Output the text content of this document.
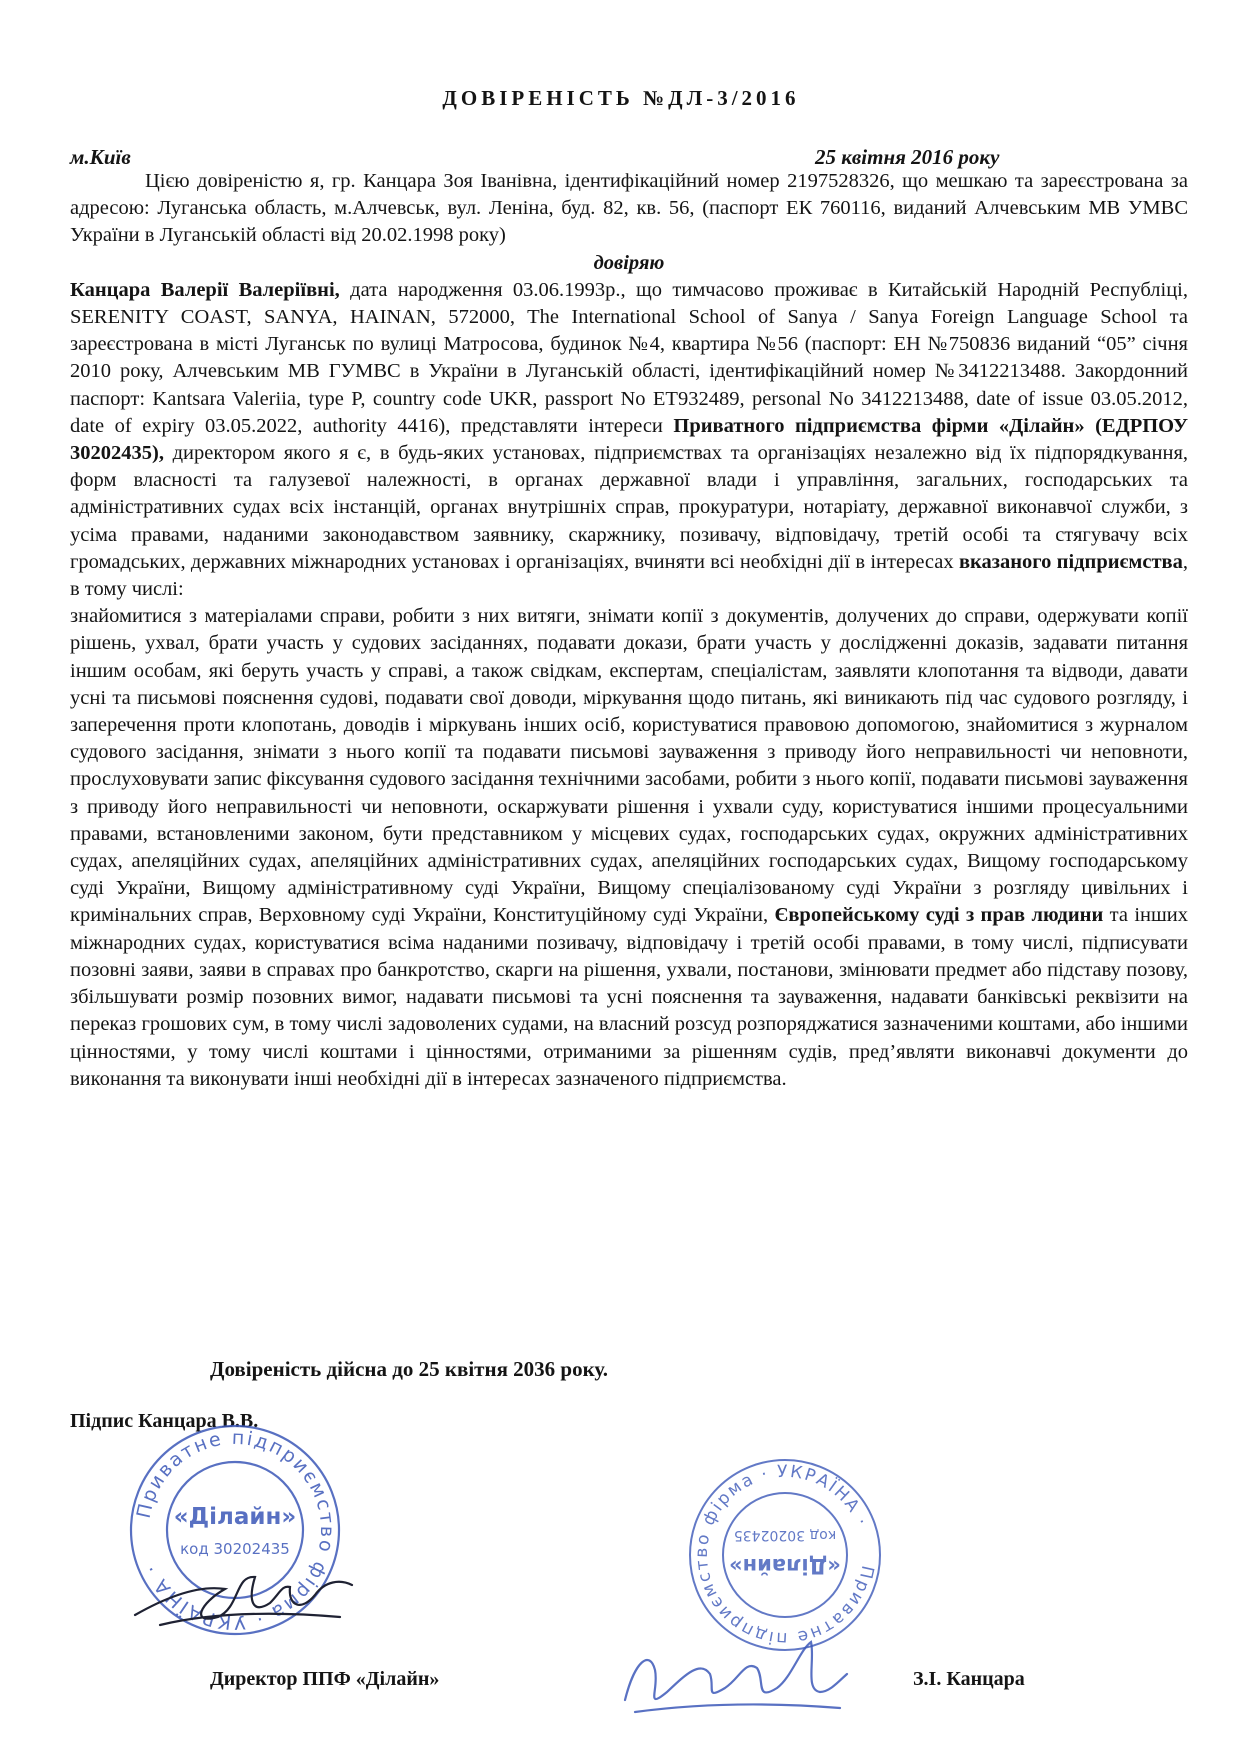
ДОВІРЕНІСТЬ №ДЛ-3/2016
м.Київ	25 квітня 2016 року

Цією довіреністю я, гр. Канцара Зоя Іванівна, ідентифікаційний номер 2197528326, що мешкаю та зареєстрована за адресою: Луганська область, м.Алчевськ, вул. Леніна, буд. 82, кв. 56, (паспорт ЕК 760116, виданий Алчевським МВ УМВС України в Луганській області від 20.02.1998 року)

довіряю

Канцара Валерії Валеріївні, дата народження 03.06.1993р., що тимчасово проживає в Китайській Народній Республіці, SERENITY COAST, SANYA, HAINAN, 572000, The International School of Sanya / Sanya Foreign Language School та зареєстрована в місті Луганськ по вулиці Матросова, будинок №4, квартира №56 (паспорт: ЕН №750836 виданий “05” січня 2010 року, Алчевським МВ ГУМВС в України в Луганській області, ідентифікаційний номер №3412213488. Закордонний паспорт: Kantsara Valeriia, type P, country code UKR, passport No ET932489, personal No 3412213488, date of issue 03.05.2012, date of expiry 03.05.2022, authority 4416), представляти інтереси Приватного підприємства фірми «Ділайн» (ЕДРПОУ 30202435), директором якого я є, в будь-яких установах, підприємствах та організаціях незалежно від їх підпорядкування, форм власності та галузевої належності, в органах державної влади і управління, загальних, господарських та адміністративних судах всіх інстанцій, органах внутрішніх справ, прокуратури, нотаріату, державної виконавчої служби, з усіма правами, наданими законодавством заявнику, скаржнику, позивачу, відповідачу, третій особі та стягувачу всіх громадських, державних міжнародних установах і організаціях, вчиняти всі необхідні дії в інтересах вказаного підприємства, в тому числі:

знайомитися з матеріалами справи, робити з них витяги, знімати копії з документів, долучених до справи, одержувати копії рішень, ухвал, брати участь у судових засіданнях, подавати докази, брати участь у дослідженні доказів, задавати питання іншим особам, які беруть участь у справі, а також свідкам, експертам, спеціалістам, заявляти клопотання та відводи, давати усні та письмові пояснення судові, подавати свої доводи, міркування щодо питань, які виникають під час судового розгляду, і заперечення проти клопотань, доводів і міркувань інших осіб, користуватися правовою допомогою, знайомитися з журналом судового засідання, знімати з нього копії та подавати письмові зауваження з приводу його неправильності чи неповноти, прослуховувати запис фіксування судового засідання технічними засобами, робити з нього копії, подавати письмові зауваження з приводу його неправильності чи неповноти, оскаржувати рішення і ухвали суду, користуватися іншими процесуальними правами, встановленими законом, бути представником у місцевих судах, господарських судах, окружних адміністративних судах, апеляційних судах, апеляційних адміністративних судах, апеляційних господарських судах, Вищому господарському суді України, Вищому адміністративному суді України, Вищому спеціалізованому суді України з розгляду цивільних і кримінальних справ, Верховному суді України, Конституційному суді України, Європейському суді з прав людини та інших міжнародних судах, користуватися всіма наданими позивачу, відповідачу і третій особі правами, в тому числі, підписувати позовні заяви, заяви в справах про банкротство, скарги на рішення, ухвали, постанови, змінювати предмет або підставу позову, збільшувати розмір позовних вимог, надавати письмові та усні пояснення та зауваження, надавати банківські реквізити на переказ грошових сум, в тому числі задоволених судами, на власний розсуд розпоряджатися зазначеними коштами, або іншими цінностями, у тому числі коштами і цінностями, отриманими за рішенням судів, пред’являти виконавчі документи до виконання та виконувати інші необхідні дії в інтересах зазначеного підприємства.

Довіреність дійсна до 25 квітня 2036 року.
Підпис Канцара В.В.
Приватне підприємство фірма · УКРАЇНА ·
«Ділайн»
код 30202435
Приватне підприємство фірма · УКРАЇНА ·
«Ділайн»
код 30202435
Директор ППФ «Ділайн»	З.І. Канцара
